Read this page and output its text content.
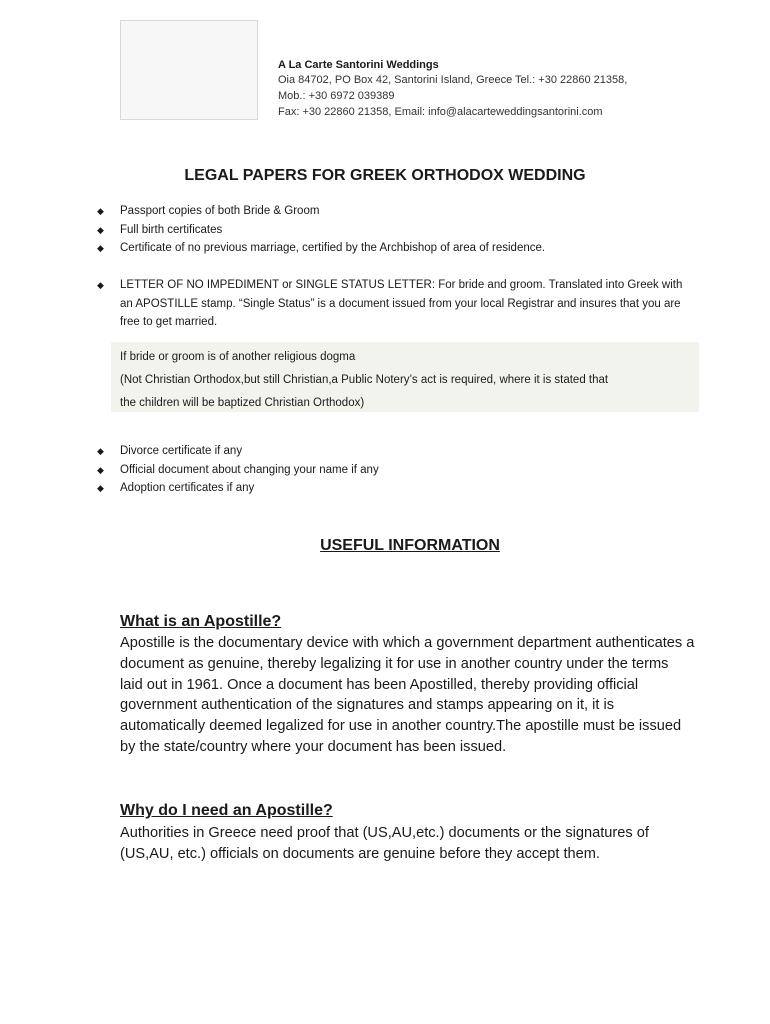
A La Carte Santorini Weddings
Oia 84702, PO Box 42, Santorini Island, Greece Tel.: +30 22860 21358,
Mob.: +30 6972 039389
Fax: +30 22860 21358, Email: info@alacarteweddingsantorini.com
LEGAL PAPERS FOR GREEK ORTHODOX WEDDING
◆ Passport copies of both Bride & Groom
◆ Full birth certificates
◆ Certificate of no previous marriage, certified by the Archbishop of area of residence.
◆ LETTER OF NO IMPEDIMENT or SINGLE STATUS LETTER: For bride and groom. Translated into Greek with an APOSTILLE stamp. “Single Status” is a document issued from your local Registrar and insures that you are free to get married.

If bride or groom is of another religious dogma

(Not Christian Orthodox,but still Christian,a Public Notery’s act is required, where it is stated that

the children will be baptized Christian Orthodox)

◆ Divorce certificate if any
◆ Official document about changing your name if any
◆ Adoption certificates if any
USEFUL INFORMATION
What is an Apostille?

Apostille is the documentary device with which a government department authenticates a document as genuine, thereby legalizing it for use in another country under the terms laid out in 1961. Once a document has been Apostilled, thereby providing official government authentication of the signatures and stamps appearing on it, it is automatically deemed legalized for use in another country.The apostille must be issued by the state/country where your document has been issued.

Why do I need an Apostille?

Authorities in Greece need proof that (US,AU,etc.) documents or the signatures of (US,AU, etc.) officials on documents are genuine before they accept them.
